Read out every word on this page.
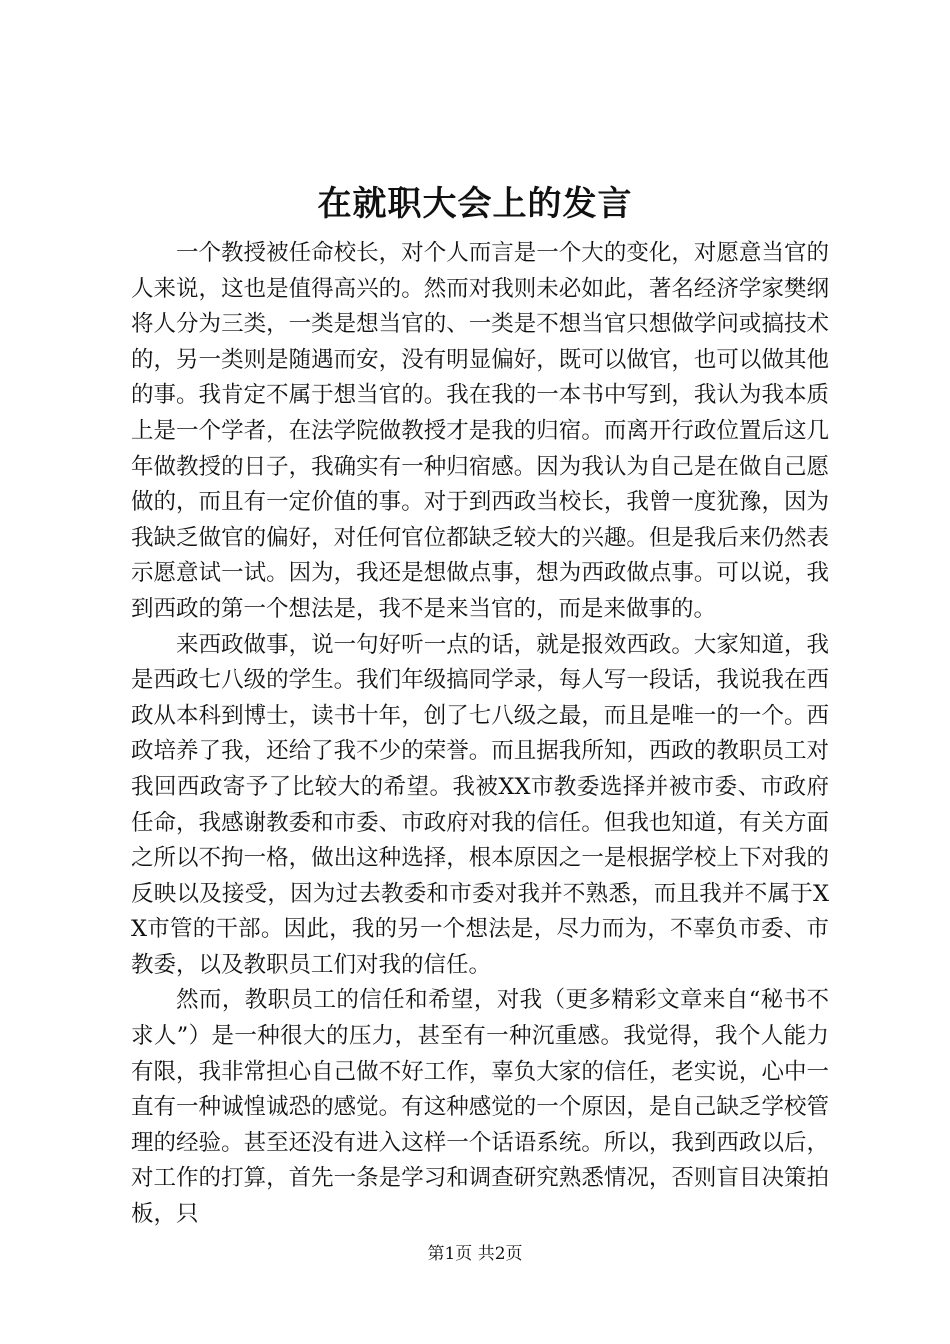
在就职大会上的发言

一个教授被任命校长，对个人而言是一个大的变化，对愿意当官的人来说，这也是值得高兴的。然而对我则未必如此，著名经济学家樊纲将人分为三类，一类是想当官的、一类是不想当官只想做学问或搞技术的，另一类则是随遇而安，没有明显偏好，既可以做官，也可以做其他的事。我肯定不属于想当官的。我在我的一本书中写到，我认为我本质上是一个学者，在法学院做教授才是我的归宿。而离开行政位置后这几年做教授的日子，我确实有一种归宿感。因为我认为自己是在做自己愿做的，而且有一定价值的事。对于到西政当校长，我曾一度犹豫，因为我缺乏做官的偏好，对任何官位都缺乏较大的兴趣。但是我后来仍然表示愿意试一试。因为，我还是想做点事，想为西政做点事。可以说，我到西政的第一个想法是，我不是来当官的，而是来做事的。

来西政做事，说一句好听一点的话，就是报效西政。大家知道，我是西政七八级的学生。我们年级搞同学录，每人写一段话，我说我在西政从本科到博士，读书十年，创了七八级之最，而且是唯一的一个。西政培养了我，还给了我不少的荣誉。而且据我所知，西政的教职员工对我回西政寄予了比较大的希望。我被XX市教委选择并被市委、市政府任命，我感谢教委和市委、市政府对我的信任。但我也知道，有关方面之所以不拘一格，做出这种选择，根本原因之一是根据学校上下对我的反映以及接受，因为过去教委和市委对我并不熟悉，而且我并不属于XX市管的干部。因此，我的另一个想法是，尽力而为，不辜负市委、市教委，以及教职员工们对我的信任。

然而，教职员工的信任和希望，对我（更多精彩文章来自“秘书不求人”）是一种很大的压力，甚至有一种沉重感。我觉得，我个人能力有限，我非常担心自己做不好工作，辜负大家的信任，老实说，心中一直有一种诚惶诚恐的感觉。有这种感觉的一个原因，是自己缺乏学校管理的经验。甚至还没有进入这样一个话语系统。所以，我到西政以后，对工作的打算，首先一条是学习和调查研究熟悉情况，否则盲目决策拍板，只

第1页 共2页
